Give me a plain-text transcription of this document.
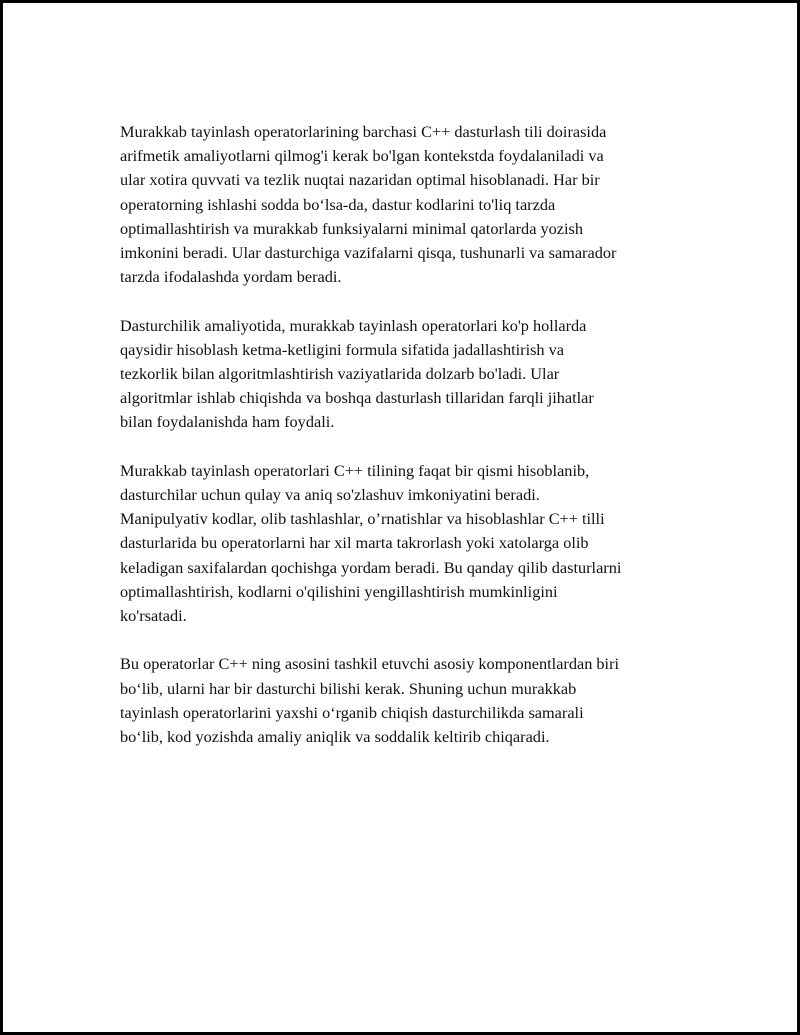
Murakkab tayinlash operatorlarining barchasi C++ dasturlash tili doirasida
arifmetik amaliyotlarni qilmog'i kerak bo'lgan kontekstda foydalaniladi va
ular xotira quvvati va tezlik nuqtai nazaridan optimal hisoblanadi. Har bir
operatorning ishlashi sodda bo‘lsa-da, dastur kodlarini to'liq tarzda
optimallashtirish va murakkab funksiyalarni minimal qatorlarda yozish
imkonini beradi. Ular dasturchiga vazifalarni qisqa, tushunarli va samarador
tarzda ifodalashda yordam beradi.

Dasturchilik amaliyotida, murakkab tayinlash operatorlari ko'p hollarda
qaysidir hisoblash ketma-ketligini formula sifatida jadallashtirish va
tezkorlik bilan algoritmlashtirish vaziyatlarida dolzarb bo'ladi. Ular
algoritmlar ishlab chiqishda va boshqa dasturlash tillaridan farqli jihatlar
bilan foydalanishda ham foydali.

Murakkab tayinlash operatorlari C++ tilining faqat bir qismi hisoblanib,
dasturchilar uchun qulay va aniq so'zlashuv imkoniyatini beradi.
Manipulyativ kodlar, olib tashlashlar, o’rnatishlar va hisoblashlar C++ tilli
dasturlarida bu operatorlarni har xil marta takrorlash yoki xatolarga olib
keladigan saxifalardan qochishga yordam beradi. Bu qanday qilib dasturlarni
optimallashtirish, kodlarni o'qilishini yengillashtirish mumkinligini
ko'rsatadi.

Bu operatorlar C++ ning asosini tashkil etuvchi asosiy komponentlardan biri
bo‘lib, ularni har bir dasturchi bilishi kerak. Shuning uchun murakkab
tayinlash operatorlarini yaxshi o‘rganib chiqish dasturchilikda samarali
bo‘lib, kod yozishda amaliy aniqlik va soddalik keltirib chiqaradi.
